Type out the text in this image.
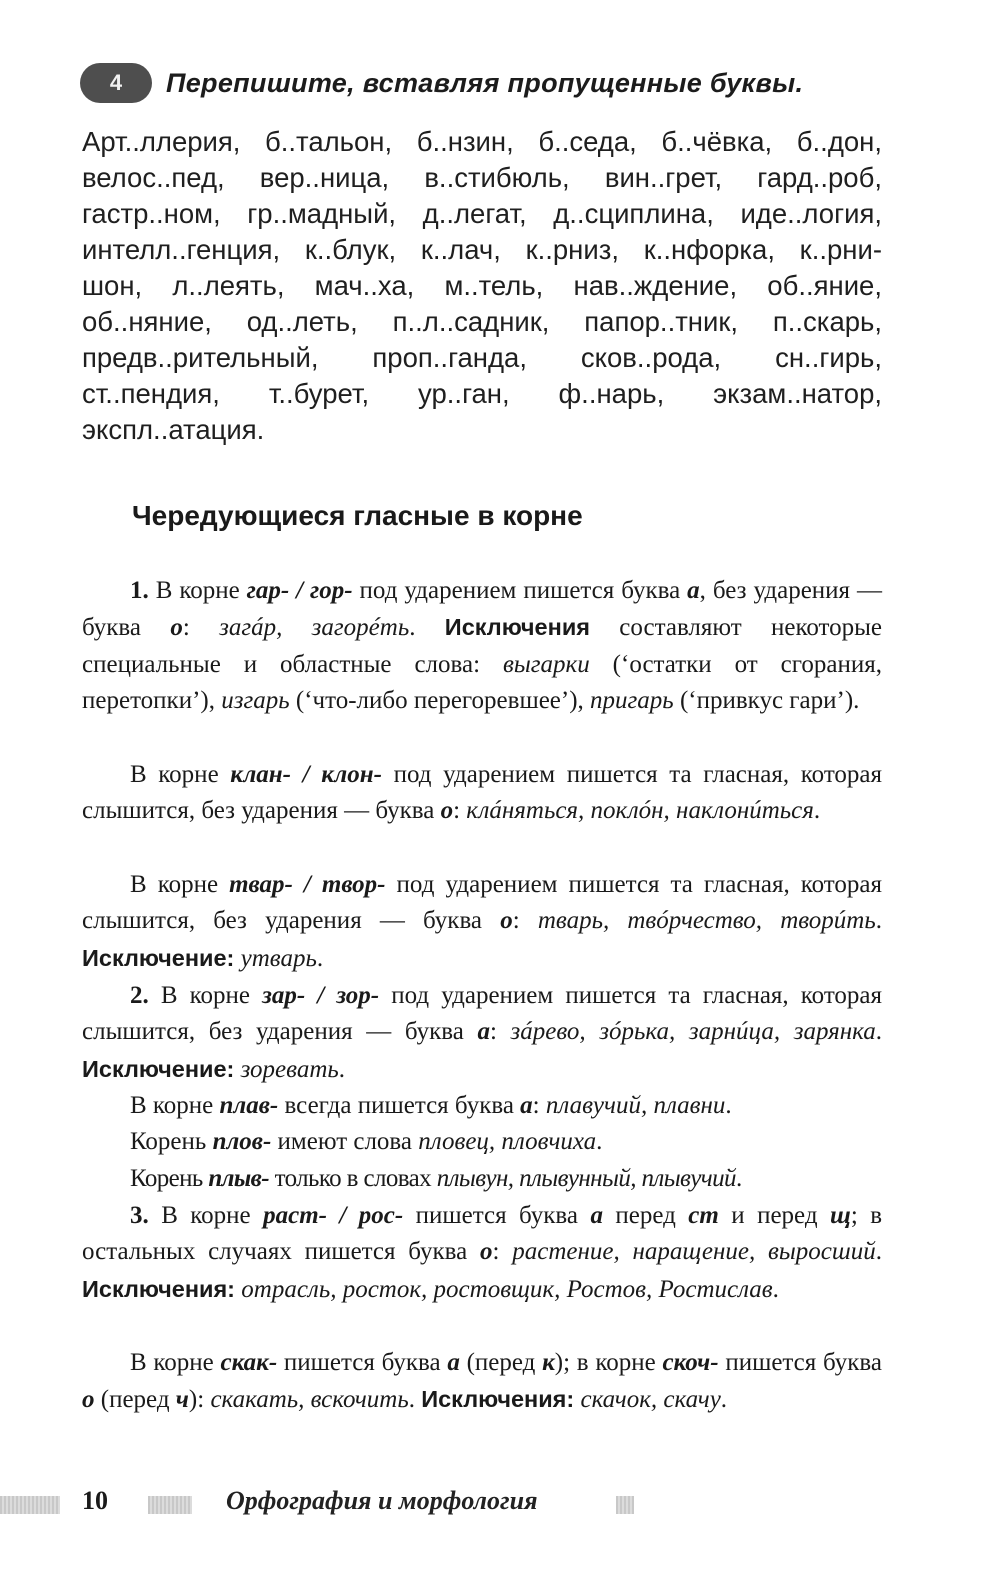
4	Перепишите, вставляя пропущенные буквы.

Арт..ллерия, б..тальон, б..нзин, б..седа, б..чёвка, б..дон,

велос..пед, вер..ница, в..стибюль, вин..грет, гард..роб,

гастр..ном, гр..мадный, д..легат, д..сциплина, иде..логия,

интелл..генция, к..блук, к..лач, к..рниз, к..нфорка, к..рни-

шон, л..леять, мач..ха, м..тель, нав..ждение, об..яние,

об..няние, од..леть, п..л..садник, папор..тник, п..скарь,

предв..рительный, проп..ганда, сков..рода, сн..гирь,

ст..пендия, т..бурет, ур..ган, ф..нарь, экзам..натор,

экспл..атация.

Чередующиеся гласные в корне

1. В корне гар- / гор- под ударением пишется буква а, без ударения — буква о: загáр, загорéть. Исключения составляют некоторые специальные и областные слова: выгарки (‘остатки от сгорания, перетопки’), изгарь (‘что-либо перегоревшее’), пригарь (‘привкус гари’).

В корне клан- / клон- под ударением пишется та гласная, которая слышится, без ударения — буква о: клáняться, поклóн, наклонúться.

В корне твар- / твор- под ударением пишется та гласная, которая слышится, без ударения — буква о: тварь, твóрчество, творúть. Исключение: утварь.

2. В корне зар- / зор- под ударением пишется та гласная, которая слышится, без ударения — буква а: зáрево, зóрька, зарнúца, зарянка. Исключение: зоревать.

В корне плав- всегда пишется буква а: плавучий, плавни.

Корень плов- имеют слова пловец, пловчиха.

Корень плыв- только в словах плывун, плывунный, плывучий.

3. В корне раст- / рос- пишется буква а перед ст и перед щ; в остальных случаях пишется буква о: растение, наращение, выросший. Исключения: отрасль, росток, ростовщик, Ростов, Ростислав.

В корне скак- пишется буква а (перед к); в корне скоч- пишется буква о (перед ч): скакать, вскочить. Исключения: скачок, скачу.

10	Орфография и морфология
